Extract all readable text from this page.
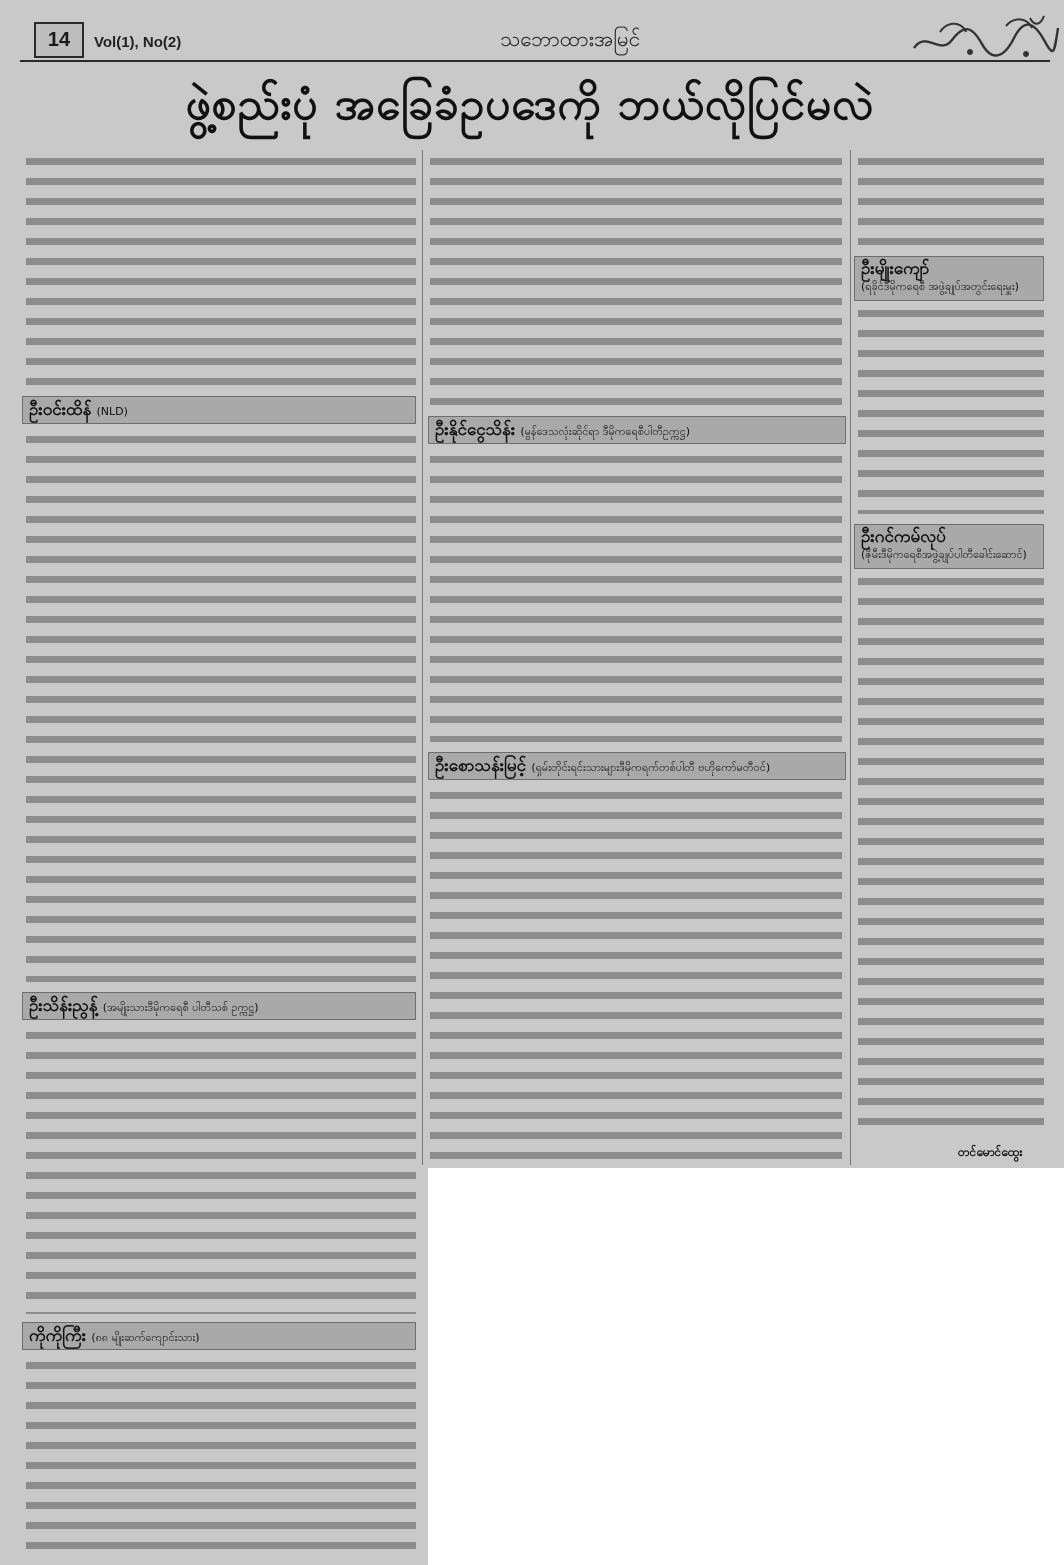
14	Vol(1), No(2)	သဘောထားအမြင်
ဖွဲ့စည်းပုံ အခြေခံဥပဒေကို ဘယ်လိုပြင်မလဲ
ဦးဝင်းထိန် (NLD)
ဦးသိန်းညွန့် (အမျိုးသားဒီမိုကရေစီ ပါတီသစ် ဥက္ကဋ္ဌ)
ကိုကိုကြီး (၈၈ မျိုးဆက်ကျောင်းသား)
ဦးနိုင်ငွေသိန်း (မွန်ဒေသလုံးဆိုင်ရာ ဒီမိုကရေစီပါတီဥက္ကဋ္ဌ)
ဦးစောသန်းမြင့် (ရှမ်းတိုင်းရင်းသားများဒီမိုကရက်တစ်ပါတီ ဗဟိုကော်မတီဝင်)
ဦးမျိုးကျော်
(ရခိုင်ဒီမိုကရေစီ အဖွဲ့ချုပ်အတွင်းရေးမှူး)
ဦးဂင်ကမ်လုပ်
(ဇိုမီးဒီမိုကရေစီအဖွဲ့ချုပ်ပါတီခေါင်းဆောင်)
တင်မောင်ထွေး
